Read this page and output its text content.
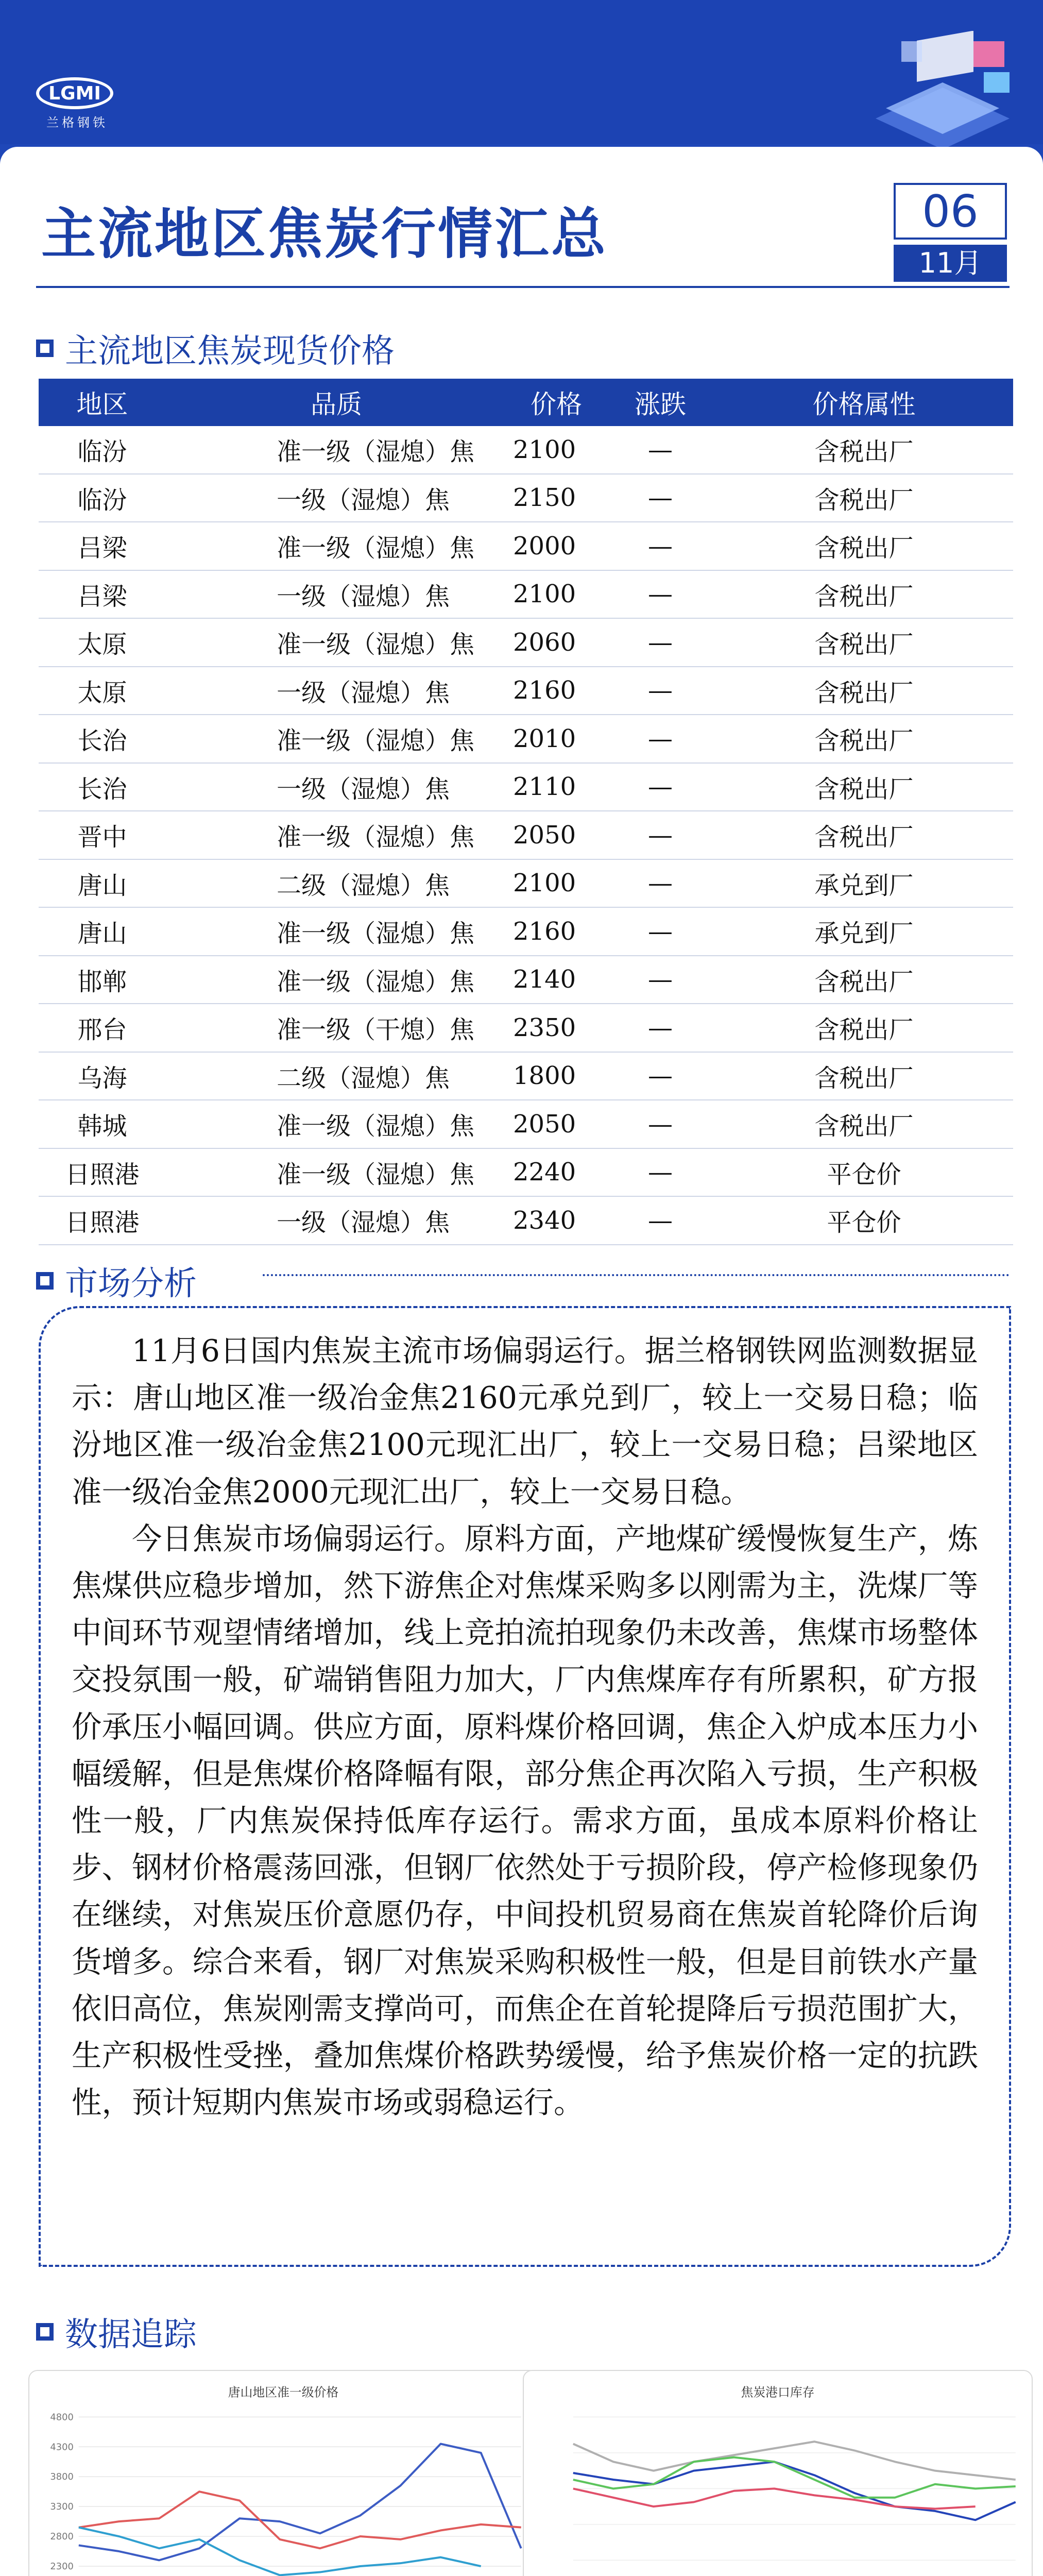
LGMI
兰格钢铁
主流地区焦炭行情汇总	06
11月
主流地区焦炭现货价格
地区	品质	价格	涨跌	价格属性
临汾	准一级（湿熄）焦	2100	—	含税出厂
临汾	一级（湿熄）焦	2150	—	含税出厂
吕梁	准一级（湿熄）焦	2000	—	含税出厂
吕梁	一级（湿熄）焦	2100	—	含税出厂
太原	准一级（湿熄）焦	2060	—	含税出厂
太原	一级（湿熄）焦	2160	—	含税出厂
长治	准一级（湿熄）焦	2010	—	含税出厂
长治	一级（湿熄）焦	2110	—	含税出厂
晋中	准一级（湿熄）焦	2050	—	含税出厂
唐山	二级（湿熄）焦	2100	—	承兑到厂
唐山	准一级（湿熄）焦	2160	—	承兑到厂
邯郸	准一级（湿熄）焦	2140	—	含税出厂
邢台	准一级（干熄）焦	2350	—	含税出厂
乌海	二级（湿熄）焦	1800	—	含税出厂
韩城	准一级（湿熄）焦	2050	—	含税出厂
日照港	准一级（湿熄）焦	2240	—	平仓价
日照港	一级（湿熄）焦	2340	—	平仓价
市场分析

11月6日国内焦炭主流市场偏弱运行。据兰格钢铁网监测数据显示：唐山地区准一级冶金焦2160元承兑到厂，较上一交易日稳；临汾地区准一级冶金焦2100元现汇出厂，较上一交易日稳；吕梁地区准一级冶金焦2000元现汇出厂，较上一交易日稳。

今日焦炭市场偏弱运行。原料方面，产地煤矿缓慢恢复生产，炼焦煤供应稳步增加，然下游焦企对焦煤采购多以刚需为主，洗煤厂等中间环节观望情绪增加，线上竞拍流拍现象仍未改善，焦煤市场整体交投氛围一般，矿端销售阻力加大，厂内焦煤库存有所累积，矿方报价承压小幅回调。供应方面，原料煤价格回调，焦企入炉成本压力小幅缓解，但是焦煤价格降幅有限，部分焦企再次陷入亏损，生产积极性一般，厂内焦炭保持低库存运行。需求方面，虽成本原料价格让步、钢材价格震荡回涨，但钢厂依然处于亏损阶段，停产检修现象仍在继续，对焦炭压价意愿仍存，中间投机贸易商在焦炭首轮降价后询货增多。综合来看，钢厂对焦炭采购积极性一般，但是目前铁水产量依旧高位，焦炭刚需支撑尚可，而焦企在首轮提降后亏损范围扩大，生产积极性受挫，叠加焦煤价格跌势缓慢，给予焦炭价格一定的抗跌性，预计短期内焦炭市场或弱稳运行。

数据追踪
唐山地区准一级价格
2300
2800
3300
3800
4300
4800
焦炭港口库存
